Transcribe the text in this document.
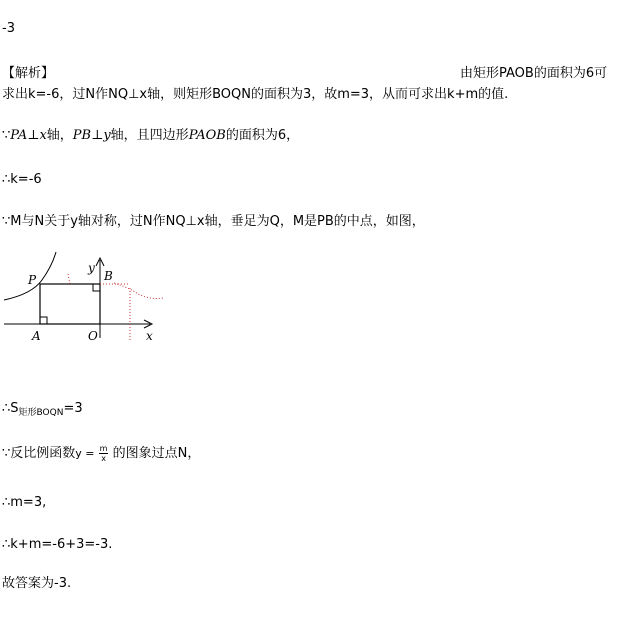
-3
【解析】	由矩形PAOB的面积为6可
求出k=-6，过N作NQ⊥x轴，则矩形BOQN的面积为3，故m=3，从而可求出k+m的值.
∵PA⊥x轴，PB⊥y轴，且四边形PAOB的面积为6，
∴k=-6
∵M与N关于y轴对称，过N作NQ⊥x轴，垂足为Q，M是PB的中点，如图，
P	B
A	O	x
y
$\therefore S_{矩形BOQN}=3$
∵反比例函数$y = \frac{m}{x}$ 的图象过点N，
∴m=3,
∴k+m=-6+3=-3.
故答案为-3.
